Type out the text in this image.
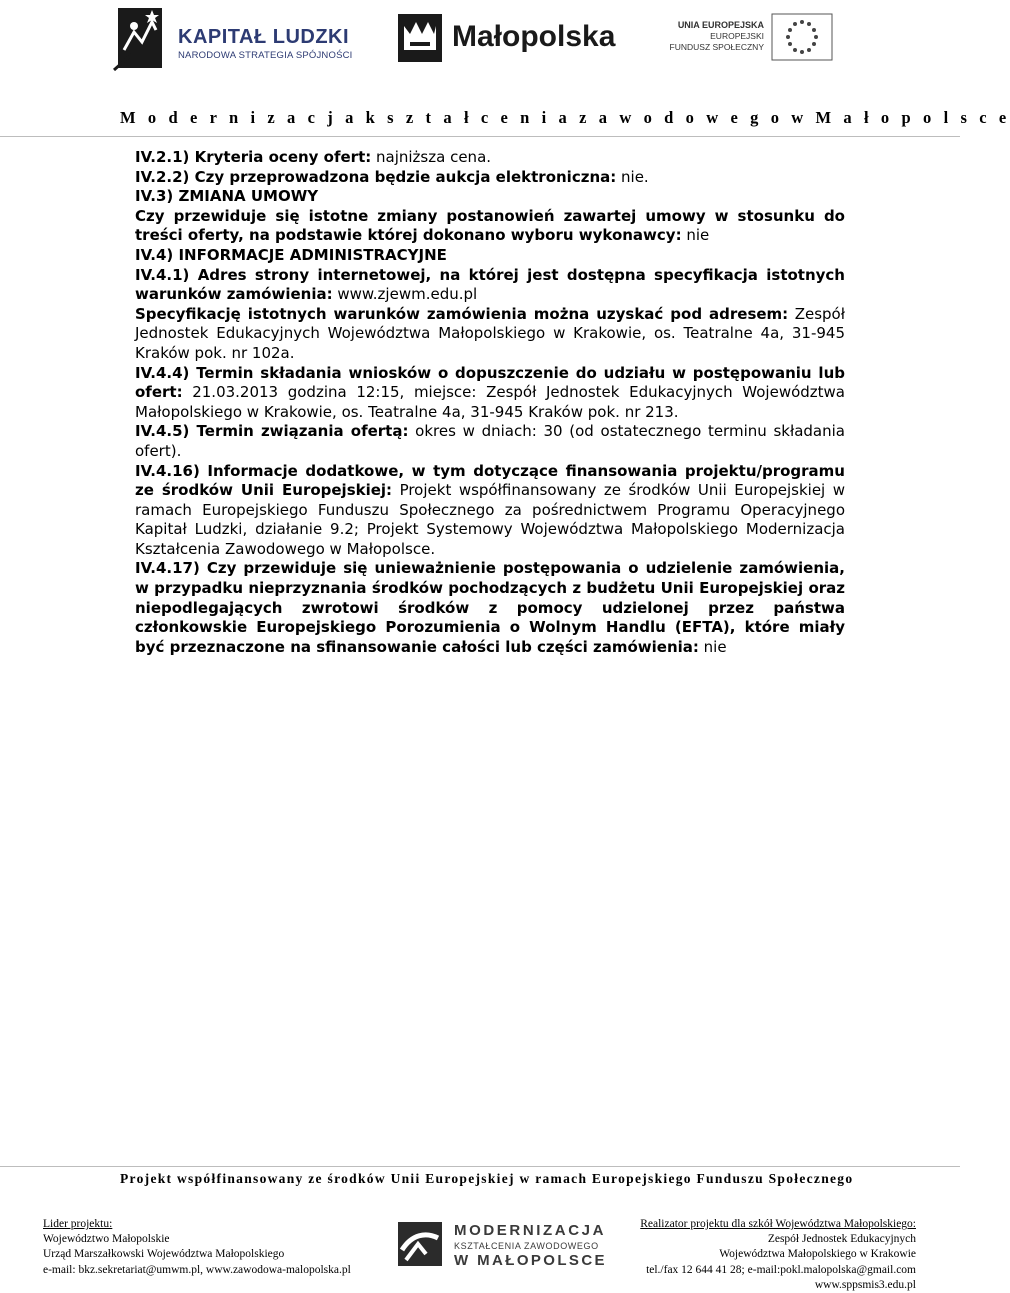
KAPITAŁ LUDZKI
NARODOWA STRATEGIA SPÓJNOŚCI
Małopolska	UNIA EUROPEJSKA
EUROPEJSKI
FUNDUSZ SPOŁECZNY
M o d e r n i z a c j a k s z t a ł c e n i a z a w o d o w e g o w M a ł o p o l s c e

IV.2.1) Kryteria oceny ofert: najniższa cena.

IV.2.2) Czy przeprowadzona będzie aukcja elektroniczna: nie.

IV.3) ZMIANA UMOWY

Czy przewiduje się istotne zmiany postanowień zawartej umowy w stosunku do treści oferty, na podstawie której dokonano wyboru wykonawcy: nie

IV.4) INFORMACJE ADMINISTRACYJNE

IV.4.1) Adres strony internetowej, na której jest dostępna specyfikacja istotnych warunków zamówienia: www.zjewm.edu.pl

Specyfikację istotnych warunków zamówienia można uzyskać pod adresem: Zespół Jednostek Edukacyjnych Województwa Małopolskiego w Krakowie, os. Teatralne 4a, 31-945 Kraków pok. nr 102a.

IV.4.4) Termin składania wniosków o dopuszczenie do udziału w postępowaniu lub ofert: 21.03.2013 godzina 12:15, miejsce: Zespół Jednostek Edukacyjnych Województwa Małopolskiego w Krakowie, os. Teatralne 4a, 31-945 Kraków pok. nr 213.

IV.4.5) Termin związania ofertą: okres w dniach: 30 (od ostatecznego terminu składania ofert).

IV.4.16) Informacje dodatkowe, w tym dotyczące finansowania projektu/programu ze środków Unii Europejskiej: Projekt współfinansowany ze środków Unii Europejskiej w ramach Europejskiego Funduszu Społecznego za pośrednictwem Programu Operacyjnego Kapitał Ludzki, działanie 9.2; Projekt Systemowy Województwa Małopolskiego Modernizacja Kształcenia Zawodowego w Małopolsce.

IV.4.17) Czy przewiduje się unieważnienie postępowania o udzielenie zamówienia, w przypadku nieprzyznania środków pochodzących z budżetu Unii Europejskiej oraz niepodlegających zwrotowi środków z pomocy udzielonej przez państwa członkowskie Europejskiego Porozumienia o Wolnym Handlu (EFTA), które miały być przeznaczone na sfinansowanie całości lub części zamówienia: nie

Projekt współfinansowany ze środków Unii Europejskiej w ramach Europejskiego Funduszu Społecznego
Lider projektu:
Województwo Małopolskie
Urząd Marszałkowski Województwa Małopolskiego
e-mail: bkz.sekretariat@umwm.pl, www.zawodowa-malopolska.pl
MODERNIZACJA
KSZTAŁCENIA ZAWODOWEGO
W MAŁOPOLSCE
Realizator projektu dla szkół Województwa Małopolskiego:
Zespół Jednostek Edukacyjnych
Województwa Małopolskiego w Krakowie
tel./fax 12 644 41 28; e-mail:pokl.malopolska@gmail.com
www.sppsmis3.edu.pl
